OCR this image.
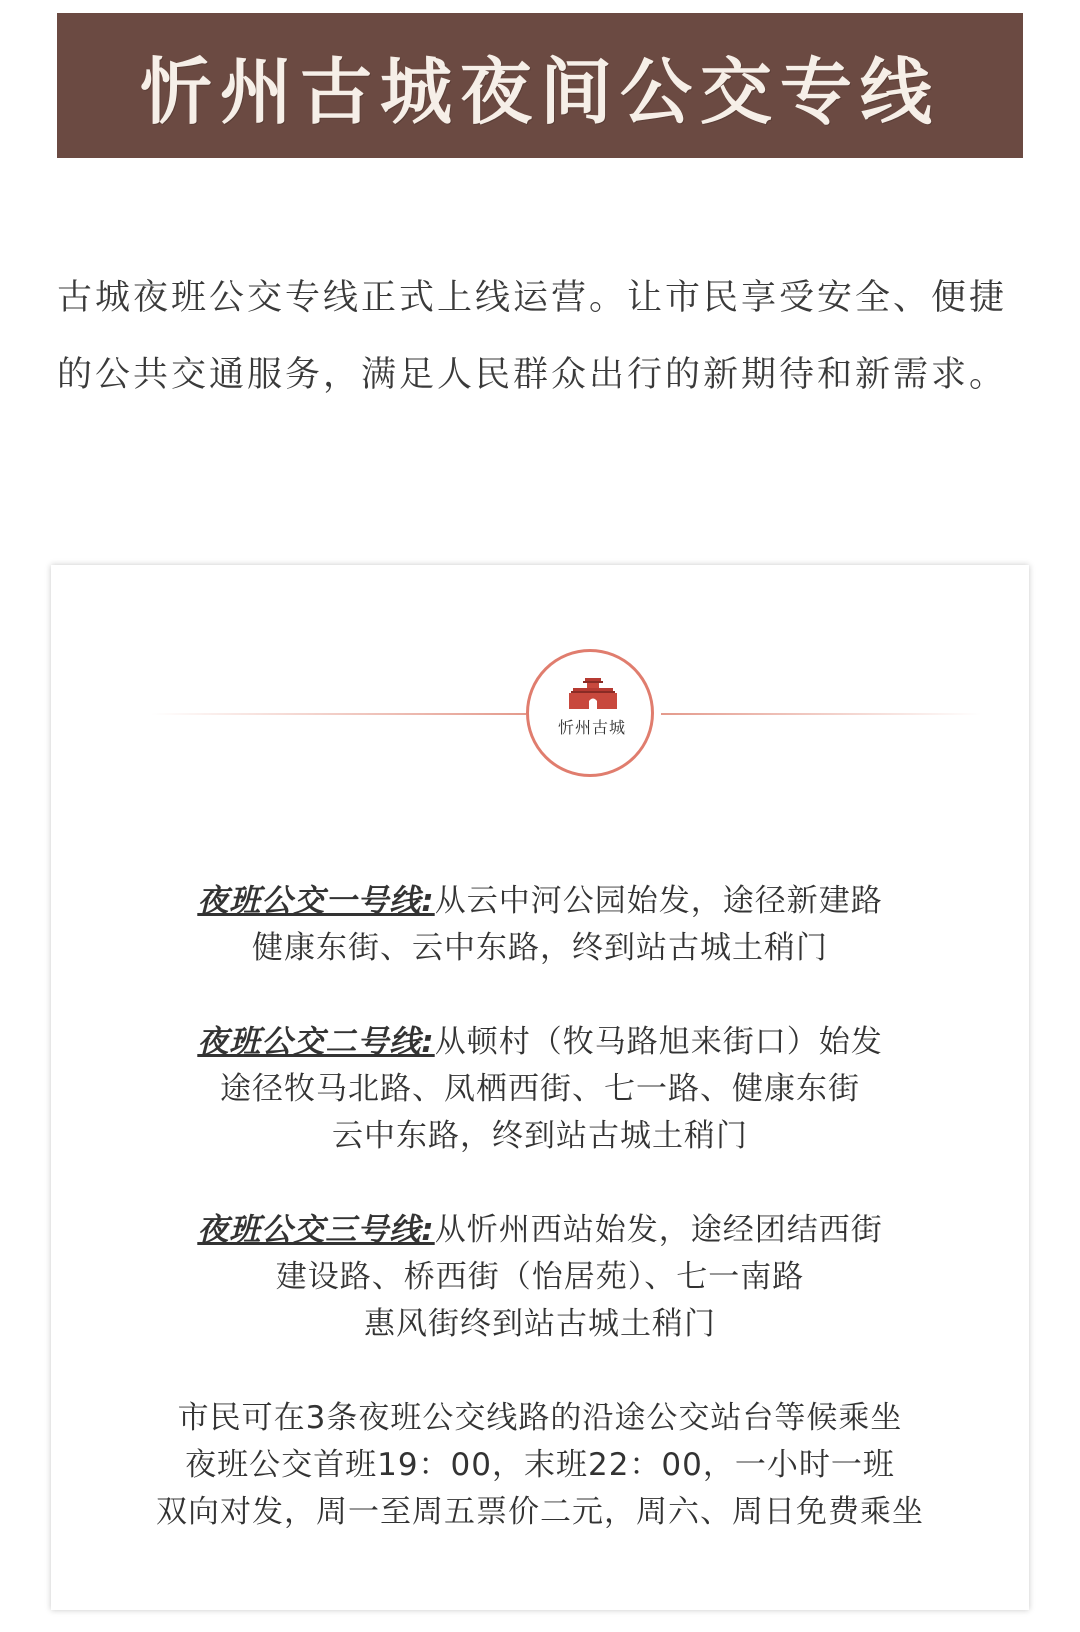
忻州古城夜间公交专线

古城夜班公交专线正式上线运营。让市民享受安全、便捷的公共交通服务，满足人民群众出行的新期待和新需求。

忻州古城

夜班公交一号线:从云中河公园始发，途径新建路
健康东街、云中东路，终到站古城土稍门

夜班公交二号线:从顿村（牧马路旭来街口）始发
途径牧马北路、凤栖西街、七一路、健康东街
云中东路，终到站古城土稍门

夜班公交三号线:从忻州西站始发，途经团结西街
建设路、桥西街（怡居苑）、七一南路
惠风街终到站古城土稍门

市民可在3条夜班公交线路的沿途公交站台等候乘坐
夜班公交首班19：00，末班22：00，一小时一班
双向对发，周一至周五票价二元，周六、周日免费乘坐
